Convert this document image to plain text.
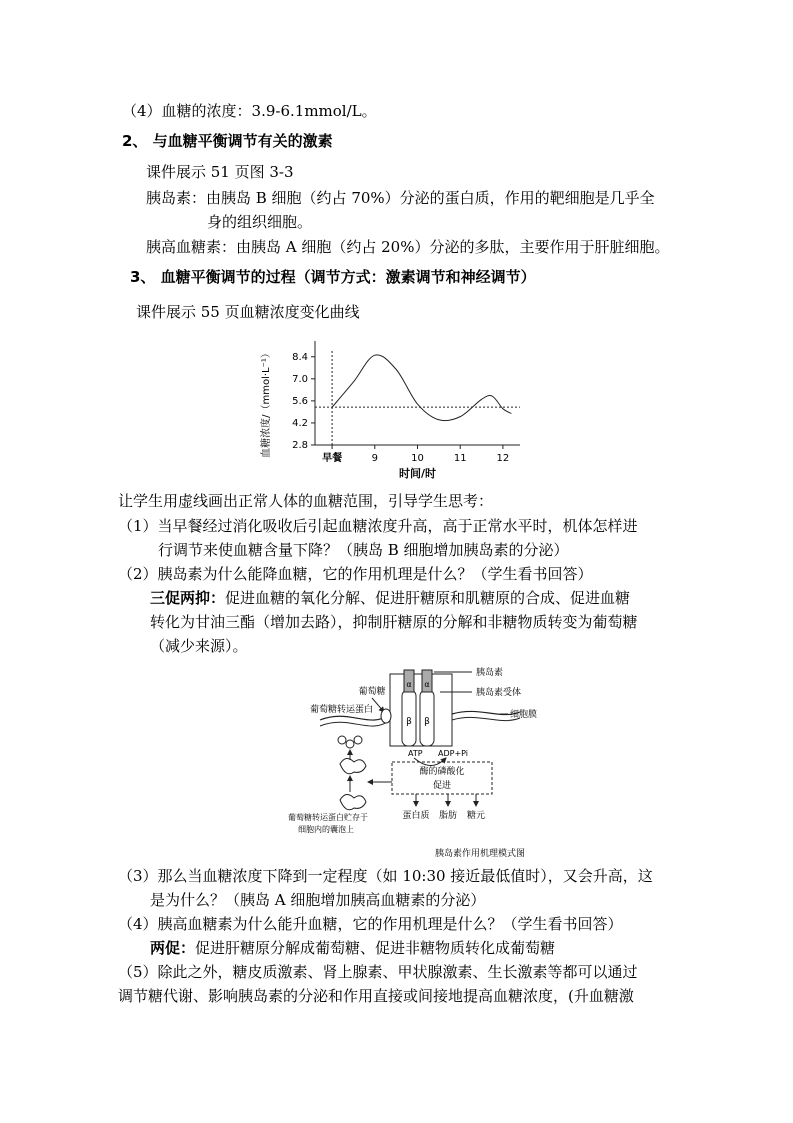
（4）血糖的浓度：3.9-6.1mmol/L。
2、 与血糖平衡调节有关的激素
课件展示 51 页图 3-3
胰岛素：由胰岛 B 细胞（约占 70%）分泌的蛋白质，作用的靶细胞是几乎全
身的组织细胞。
胰高血糖素：由胰岛 A 细胞（约占 20%）分泌的多肽，主要作用于肝脏细胞。
3、 血糖平衡调节的过程（调节方式：激素调节和神经调节）
课件展示 55 页血糖浓度变化曲线
8.4
7.0
5.6
4.2
2.8
早餐	9	10	11	12
血糖浓度/（mmol·L⁻¹）
时间/时
让学生用虚线画出正常人体的血糖范围，引导学生思考：
（1）当早餐经过消化吸收后引起血糖浓度升高，高于正常水平时，机体怎样进
行调节来使血糖含量下降？（胰岛 B 细胞增加胰岛素的分泌）
（2）胰岛素为什么能降血糖，它的作用机理是什么？（学生看书回答）
三促两抑：促进血糖的氧化分解、促进肝糖原和肌糖原的合成、促进血糖
转化为甘油三酯（增加去路），抑制肝糖原的分解和非糖物质转变为葡萄糖
（减少来源）。
α α
β β
胰岛素
胰岛素受体
细胞膜
葡萄糖
葡萄糖转运蛋白
葡萄糖转运蛋白贮存于
细胞内的囊泡上
ATP ADP+Pi
酶的磷酸化
促进
蛋白质 脂肪 糖元
胰岛素作用机理模式图
（3）那么当血糖浓度下降到一定程度（如 10:30 接近最低值时），又会升高，这
是为什么？（胰岛 A 细胞增加胰高血糖素的分泌）
（4）胰高血糖素为什么能升血糖，它的作用机理是什么？（学生看书回答）
两促：促进肝糖原分解成葡萄糖、促进非糖物质转化成葡萄糖
（5）除此之外，糖皮质激素、肾上腺素、甲状腺激素、生长激素等都可以通过
调节糖代谢、影响胰岛素的分泌和作用直接或间接地提高血糖浓度，(升血糖激
